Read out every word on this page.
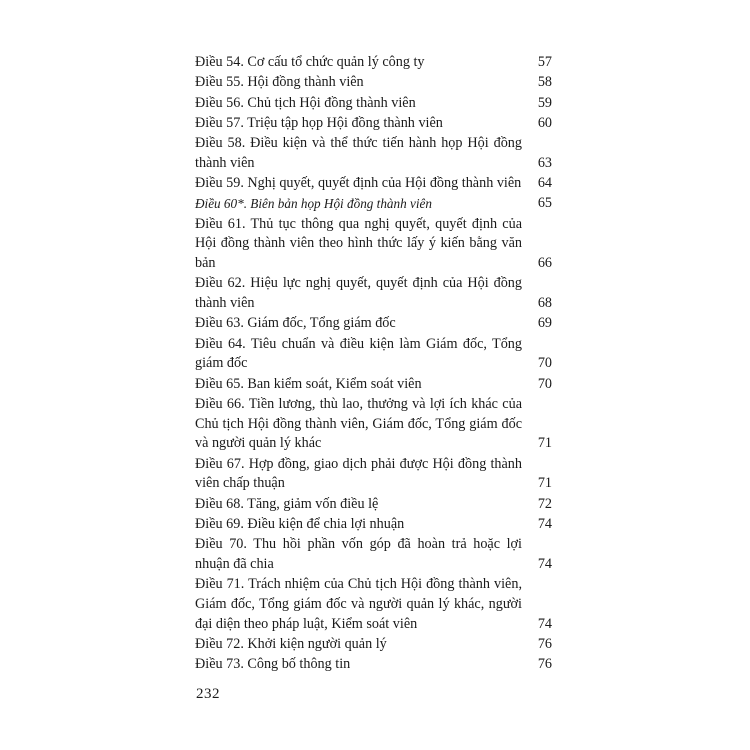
Điều 54. Cơ cấu tổ chức quản lý công ty	57
Điều 55. Hội đồng thành viên	58
Điều 56. Chủ tịch Hội đồng thành viên	59
Điều 57. Triệu tập họp Hội đồng thành viên	60
Điều 58. Điều kiện và thể thức tiến hành họp Hội đồng thành viên	63
Điều 59. Nghị quyết, quyết định của Hội đồng thành viên	64
Điều 60*. Biên bản họp Hội đồng thành viên	65
Điều 61. Thủ tục thông qua nghị quyết, quyết định của Hội đồng thành viên theo hình thức lấy ý kiến bằng văn bản	66
Điều 62. Hiệu lực nghị quyết, quyết định của Hội đồng thành viên	68
Điều 63. Giám đốc, Tổng giám đốc	69
Điều 64. Tiêu chuẩn và điều kiện làm Giám đốc, Tổng giám đốc	70
Điều 65. Ban kiểm soát, Kiểm soát viên	70
Điều 66. Tiền lương, thù lao, thưởng và lợi ích khác của Chủ tịch Hội đồng thành viên, Giám đốc, Tổng giám đốc và người quản lý khác	71
Điều 67. Hợp đồng, giao dịch phải được Hội đồng thành viên chấp thuận	71
Điều 68. Tăng, giảm vốn điều lệ	72
Điều 69. Điều kiện để chia lợi nhuận	74
Điều 70. Thu hồi phần vốn góp đã hoàn trả hoặc lợi nhuận đã chia	74
Điều 71. Trách nhiệm của Chủ tịch Hội đồng thành viên, Giám đốc, Tổng giám đốc và người quản lý khác, người đại diện theo pháp luật, Kiểm soát viên	74
Điều 72. Khởi kiện người quản lý	76
Điều 73. Công bố thông tin	76
232
